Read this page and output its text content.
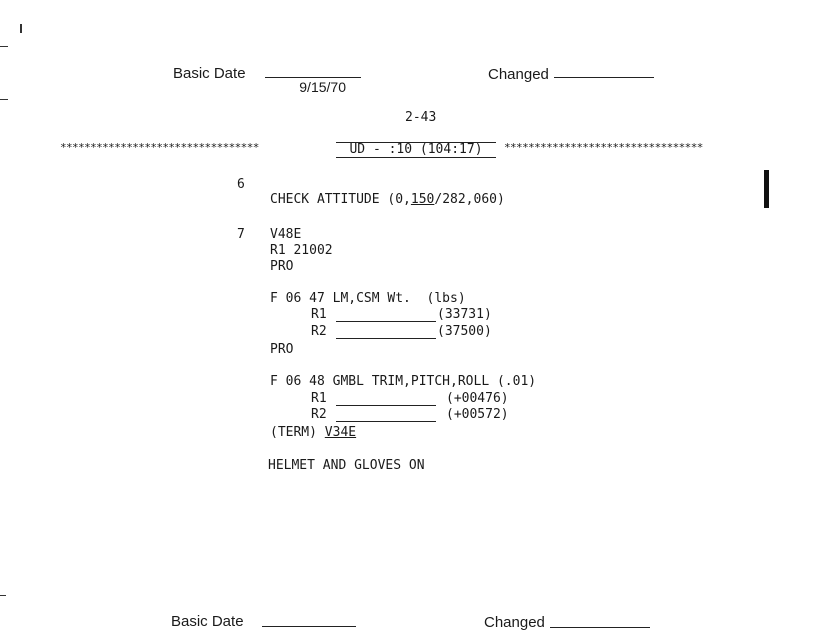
Basic Date

9/15/70

Changed
2-43
*********************************	UD - :10 (104:17)	*********************************
6

CHECK ATTITUDE (0,150/282,060)
7 V48E
R1 21002
PRO
F 06 47 LM,CSM Wt.  (lbs)
R1	(33731)
R2	(37500)
PRO
F 06 48 GMBL TRIM,PITCH,ROLL (.01)
R1	(+00476)
R2	(+00572)
(TERM) V34E
HELMET AND GLOVES ON
Basic Date	Changed
